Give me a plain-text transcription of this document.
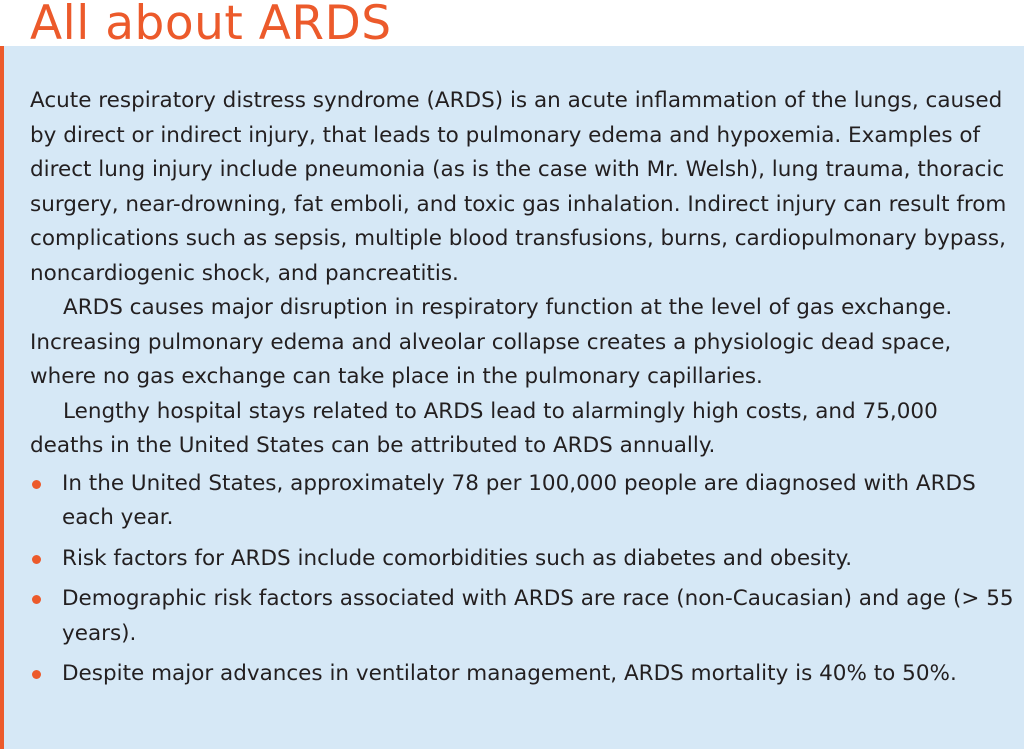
All about ARDS

Acute respiratory distress syndrome (ARDS) is an acute inflammation of the lungs, caused by direct or indirect injury, that leads to pulmonary edema and hypoxemia. Examples of direct lung injury include pneumonia (as is the case with Mr. Welsh), lung trauma, thoracic surgery, near-drowning, fat emboli, and toxic gas inhalation. Indirect injury can result from complications such as sepsis, multiple blood transfusions, burns, cardiopulmonary bypass, noncardiogenic shock, and pancreatitis.

ARDS causes major disruption in respiratory function at the level of gas exchange. Increasing pulmonary edema and alveolar collapse creates a physiologic dead space, where no gas exchange can take place in the pulmonary capillaries.

Lengthy hospital stays related to ARDS lead to alarmingly high costs, and 75,000 deaths in the United States can be attributed to ARDS annually.

In the United States, approximately 78 per 100,000 people are diagnosed with ARDS each year.
Risk factors for ARDS include comorbidities such as diabetes and obesity.
Demographic risk factors associated with ARDS are race (non-Caucasian) and age (> 55 years).
Despite major advances in ventilator management, ARDS mortality is 40% to 50%.
